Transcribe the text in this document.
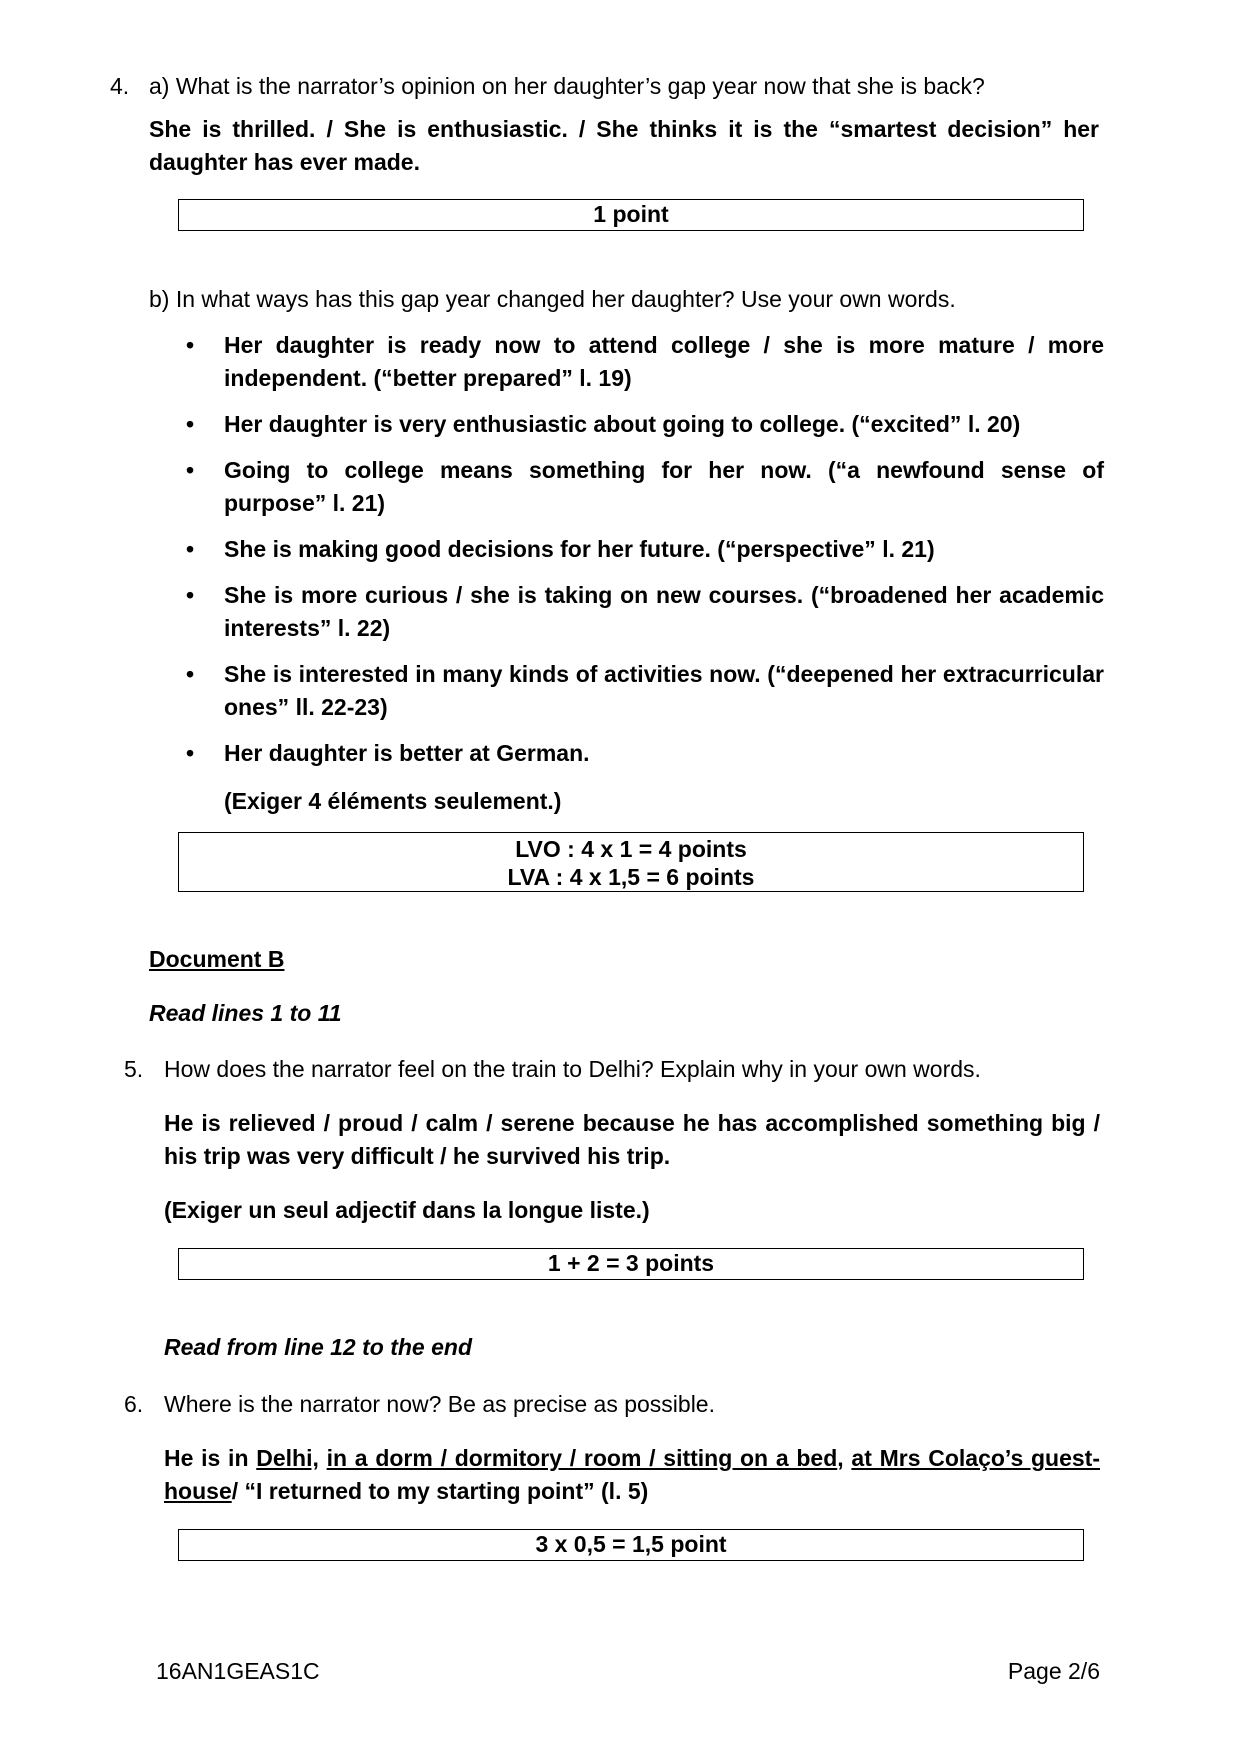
4. a) What is the narrator’s opinion on her daughter’s gap year now that she is back?
She is thrilled. / She is enthusiastic. / She thinks it is the “smartest decision” her daughter has ever made.
1 point
b) In what ways has this gap year changed her daughter? Use your own words.
•	Her daughter is ready now to attend college / she is more mature / more independent. (“better prepared” l. 19)
•	Her daughter is very enthusiastic about going to college. (“excited” l. 20)
•	Going to college means something for her now. (“a newfound sense of purpose” l. 21)
•	She is making good decisions for her future. (“perspective” l. 21)
•	She is more curious / she is taking on new courses. (“broadened her academic interests” l. 22)
•	She is interested in many kinds of activities now. (“deepened her extracurricular ones” ll. 22-23)
•	Her daughter is better at German.
(Exiger 4 éléments seulement.)
LVO : 4 x 1 = 4 points
LVA : 4 x 1,5 = 6 points
Document B
Read lines 1 to 11
5. How does the narrator feel on the train to Delhi? Explain why in your own words.
He is relieved / proud / calm / serene because he has accomplished something big / his trip was very difficult / he survived his trip.
(Exiger un seul adjectif dans la longue liste.)
1 + 2 = 3 points
Read from line 12 to the end
6. Where is the narrator now? Be as precise as possible.
He is in Delhi, in a dorm / dormitory / room / sitting on a bed, at Mrs Colaço’s guest-house/ “I returned to my starting point” (l. 5)
3 x 0,5 = 1,5 point
16AN1GEAS1C	Page 2/6
